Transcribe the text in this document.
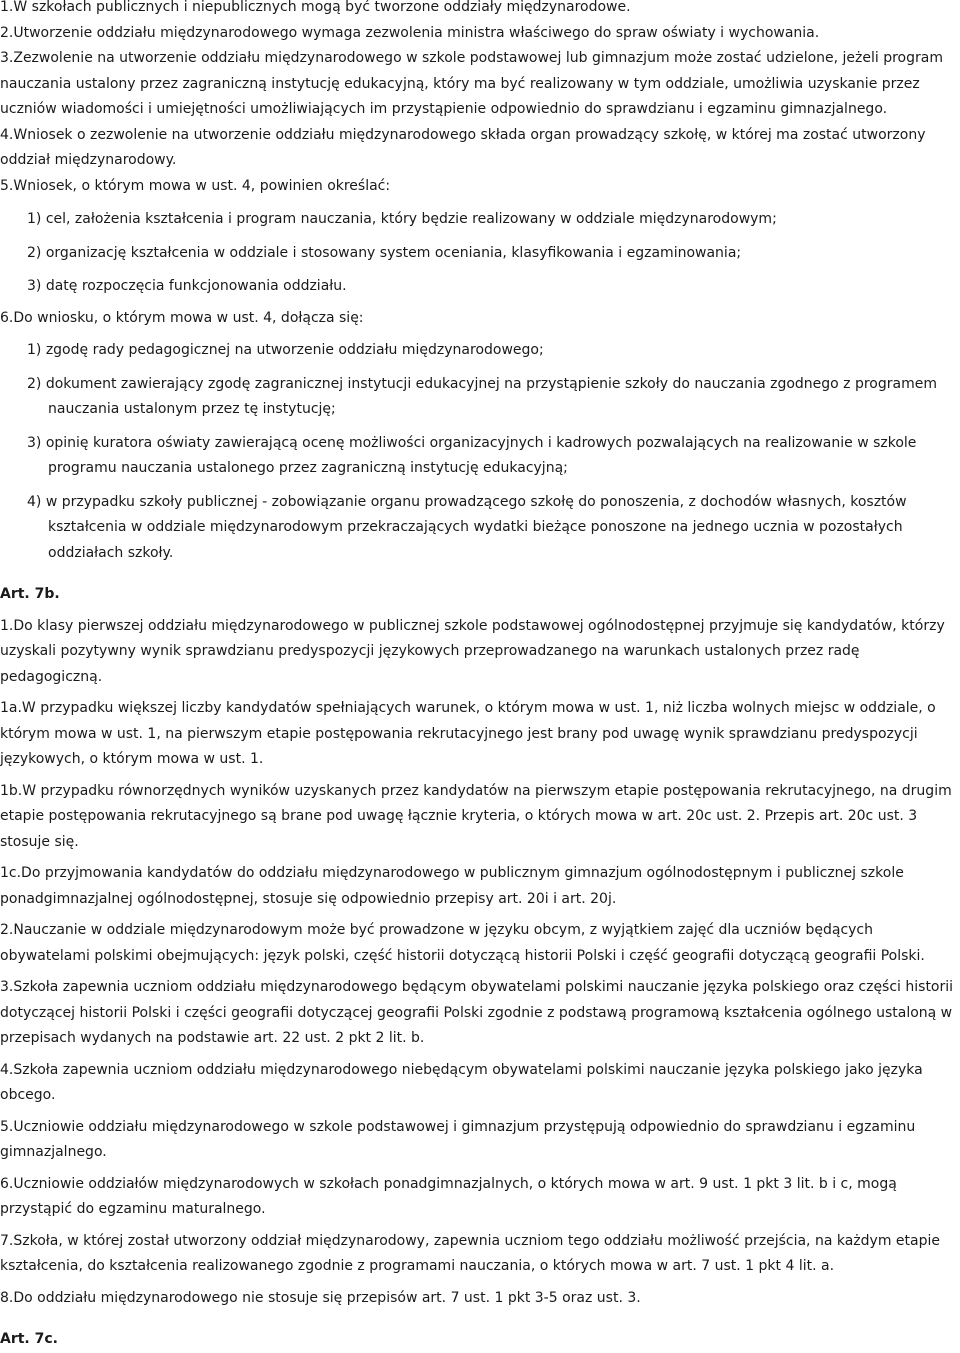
1.W szkołach publicznych i niepublicznych mogą być tworzone oddziały międzynarodowe.

2.Utworzenie oddziału międzynarodowego wymaga zezwolenia ministra właściwego do spraw oświaty i wychowania.

3.Zezwolenie na utworzenie oddziału międzynarodowego w szkole podstawowej lub gimnazjum może zostać udzielone, jeżeli program nauczania ustalony przez zagraniczną instytucję edukacyjną, który ma być realizowany w tym oddziale, umożliwia uzyskanie przez uczniów wiadomości i umiejętności umożliwiających im przystąpienie odpowiednio do sprawdzianu i egzaminu gimnazjalnego.

4.Wniosek o zezwolenie na utworzenie oddziału międzynarodowego składa organ prowadzący szkołę, w której ma zostać utworzony oddział międzynarodowy.

5.Wniosek, o którym mowa w ust. 4, powinien określać:

1) cel, założenia kształcenia i program nauczania, który będzie realizowany w oddziale międzynarodowym;

2) organizację kształcenia w oddziale i stosowany system oceniania, klasyfikowania i egzaminowania;

3) datę rozpoczęcia funkcjonowania oddziału.

6.Do wniosku, o którym mowa w ust. 4, dołącza się:

1) zgodę rady pedagogicznej na utworzenie oddziału międzynarodowego;

2) dokument zawierający zgodę zagranicznej instytucji edukacyjnej na przystąpienie szkoły do nauczania zgodnego z programem nauczania ustalonym przez tę instytucję;

3) opinię kuratora oświaty zawierającą ocenę możliwości organizacyjnych i kadrowych pozwalających na realizowanie w szkole programu nauczania ustalonego przez zagraniczną instytucję edukacyjną;

4) w przypadku szkoły publicznej - zobowiązanie organu prowadzącego szkołę do ponoszenia, z dochodów własnych, kosztów kształcenia w oddziale międzynarodowym przekraczających wydatki bieżące ponoszone na jednego ucznia w pozostałych oddziałach szkoły.

Art. 7b.

1.Do klasy pierwszej oddziału międzynarodowego w publicznej szkole podstawowej ogólnodostępnej przyjmuje się kandydatów, którzy uzyskali pozytywny wynik sprawdzianu predyspozycji językowych przeprowadzanego na warunkach ustalonych przez radę pedagogiczną.

1a.W przypadku większej liczby kandydatów spełniających warunek, o którym mowa w ust. 1, niż liczba wolnych miejsc w oddziale, o którym mowa w ust. 1, na pierwszym etapie postępowania rekrutacyjnego jest brany pod uwagę wynik sprawdzianu predyspozycji językowych, o którym mowa w ust. 1.

1b.W przypadku równorzędnych wyników uzyskanych przez kandydatów na pierwszym etapie postępowania rekrutacyjnego, na drugim etapie postępowania rekrutacyjnego są brane pod uwagę łącznie kryteria, o których mowa w art. 20c ust. 2. Przepis art. 20c ust. 3 stosuje się.

1c.Do przyjmowania kandydatów do oddziału międzynarodowego w publicznym gimnazjum ogólnodostępnym i publicznej szkole ponadgimnazjalnej ogólnodostępnej, stosuje się odpowiednio przepisy art. 20i i art. 20j.

2.Nauczanie w oddziale międzynarodowym może być prowadzone w języku obcym, z wyjątkiem zajęć dla uczniów będących obywatelami polskimi obejmujących: język polski, część historii dotyczącą historii Polski i część geografii dotyczącą geografii Polski.

3.Szkoła zapewnia uczniom oddziału międzynarodowego będącym obywatelami polskimi nauczanie języka polskiego oraz części historii dotyczącej historii Polski i części geografii dotyczącej geografii Polski zgodnie z podstawą programową kształcenia ogólnego ustaloną w przepisach wydanych na podstawie art. 22 ust. 2 pkt 2 lit. b.

4.Szkoła zapewnia uczniom oddziału międzynarodowego niebędącym obywatelami polskimi nauczanie języka polskiego jako języka obcego.

5.Uczniowie oddziału międzynarodowego w szkole podstawowej i gimnazjum przystępują odpowiednio do sprawdzianu i egzaminu gimnazjalnego.

6.Uczniowie oddziałów międzynarodowych w szkołach ponadgimnazjalnych, o których mowa w art. 9 ust. 1 pkt 3 lit. b i c, mogą przystąpić do egzaminu maturalnego.

7.Szkoła, w której został utworzony oddział międzynarodowy, zapewnia uczniom tego oddziału możliwość przejścia, na każdym etapie kształcenia, do kształcenia realizowanego zgodnie z programami nauczania, o których mowa w art. 7 ust. 1 pkt 4 lit. a.

8.Do oddziału międzynarodowego nie stosuje się przepisów art. 7 ust. 1 pkt 3-5 oraz ust. 3.

Art. 7c.
